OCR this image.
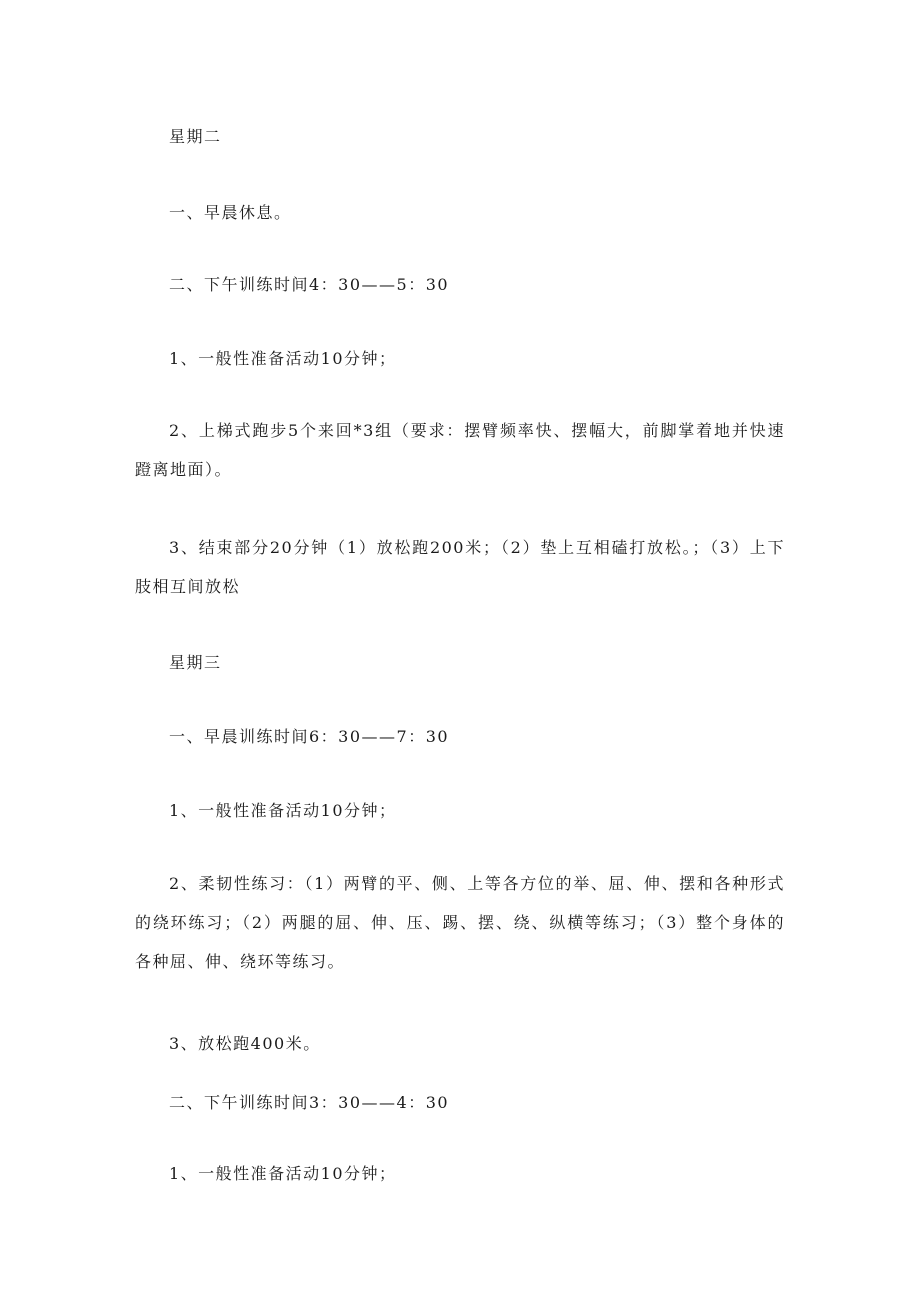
星期二

一、早晨休息。

二、下午训练时间4：30——5：30

1、一般性准备活动10分钟；

2、上梯式跑步5个来回*3组（要求：摆臂频率快、摆幅大，前脚掌着地并快速蹬离地面）。

3、结束部分20分钟（1）放松跑200米；（2）垫上互相磕打放松。；（3）上下肢相互间放松

星期三

一、早晨训练时间6：30——7：30

1、一般性准备活动10分钟；

2、柔韧性练习：（1）两臂的平、侧、上等各方位的举、屈、伸、摆和各种形式的绕环练习；（2）两腿的屈、伸、压、踢、摆、绕、纵横等练习；（3）整个身体的各种屈、伸、绕环等练习。

3、放松跑400米。

二、下午训练时间3：30——4：30

1、一般性准备活动10分钟；
